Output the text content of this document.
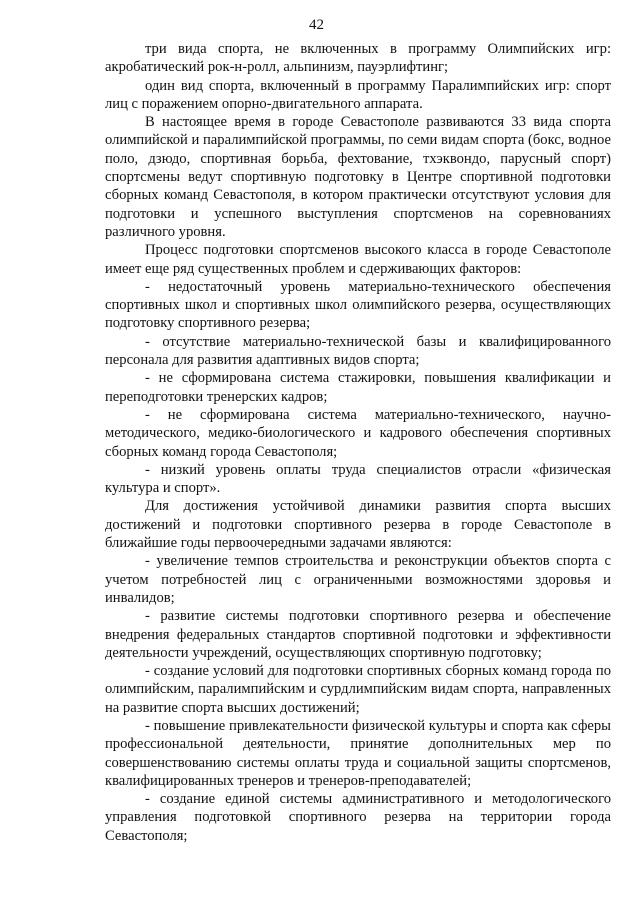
42

три вида спорта, не включенных в программу Олимпийских игр: акробатический рок-н-ролл, альпинизм, пауэрлифтинг;

один вид спорта, включенный в программу Паралимпийских игр: спорт лиц с поражением опорно-двигательного аппарата.

В настоящее время в городе Севастополе развиваются 33 вида спорта олимпийской и паралимпийской программы, по семи видам спорта (бокс, водное поло, дзюдо, спортивная борьба, фехтование, тхэквондо, парусный спорт) спортсмены ведут спортивную подготовку в Центре спортивной подготовки сборных команд Севастополя, в котором практически отсутствуют условия для подготовки и успешного выступления спортсменов на соревнованиях различного уровня.

Процесс подготовки спортсменов высокого класса в городе Севастополе имеет еще ряд существенных проблем и сдерживающих факторов:

- недостаточный уровень материально-технического обеспечения спортивных школ и спортивных школ олимпийского резерва, осуществляющих подготовку спортивного резерва;

- отсутствие материально-технической базы и квалифицированного персонала для развития адаптивных видов спорта;

- не сформирована система стажировки, повышения квалификации и переподготовки тренерских кадров;

- не сформирована система материально-технического, научно-методического, медико-биологического и кадрового обеспечения спортивных сборных команд города Севастополя;

- низкий уровень оплаты труда специалистов отрасли «физическая культура и спорт».

Для достижения устойчивой динамики развития спорта высших достижений и подготовки спортивного резерва в городе Севастополе в ближайшие годы первоочередными задачами являются:

- увеличение темпов строительства и реконструкции объектов спорта с учетом потребностей лиц с ограниченными возможностями здоровья и инвалидов;

- развитие системы подготовки спортивного резерва и обеспечение внедрения федеральных стандартов спортивной подготовки и эффективности деятельности учреждений, осуществляющих спортивную подготовку;

- создание условий для подготовки спортивных сборных команд города по олимпийским, паралимпийским и сурдлимпийским видам спорта, направленных на развитие спорта высших достижений;

- повышение привлекательности физической культуры и спорта как сферы профессиональной деятельности, принятие дополнительных мер по совершенствованию системы оплаты труда и социальной защиты спортсменов, квалифицированных тренеров и тренеров-преподавателей;

- создание единой системы административного и методологического управления подготовкой спортивного резерва на территории города Севастополя;
